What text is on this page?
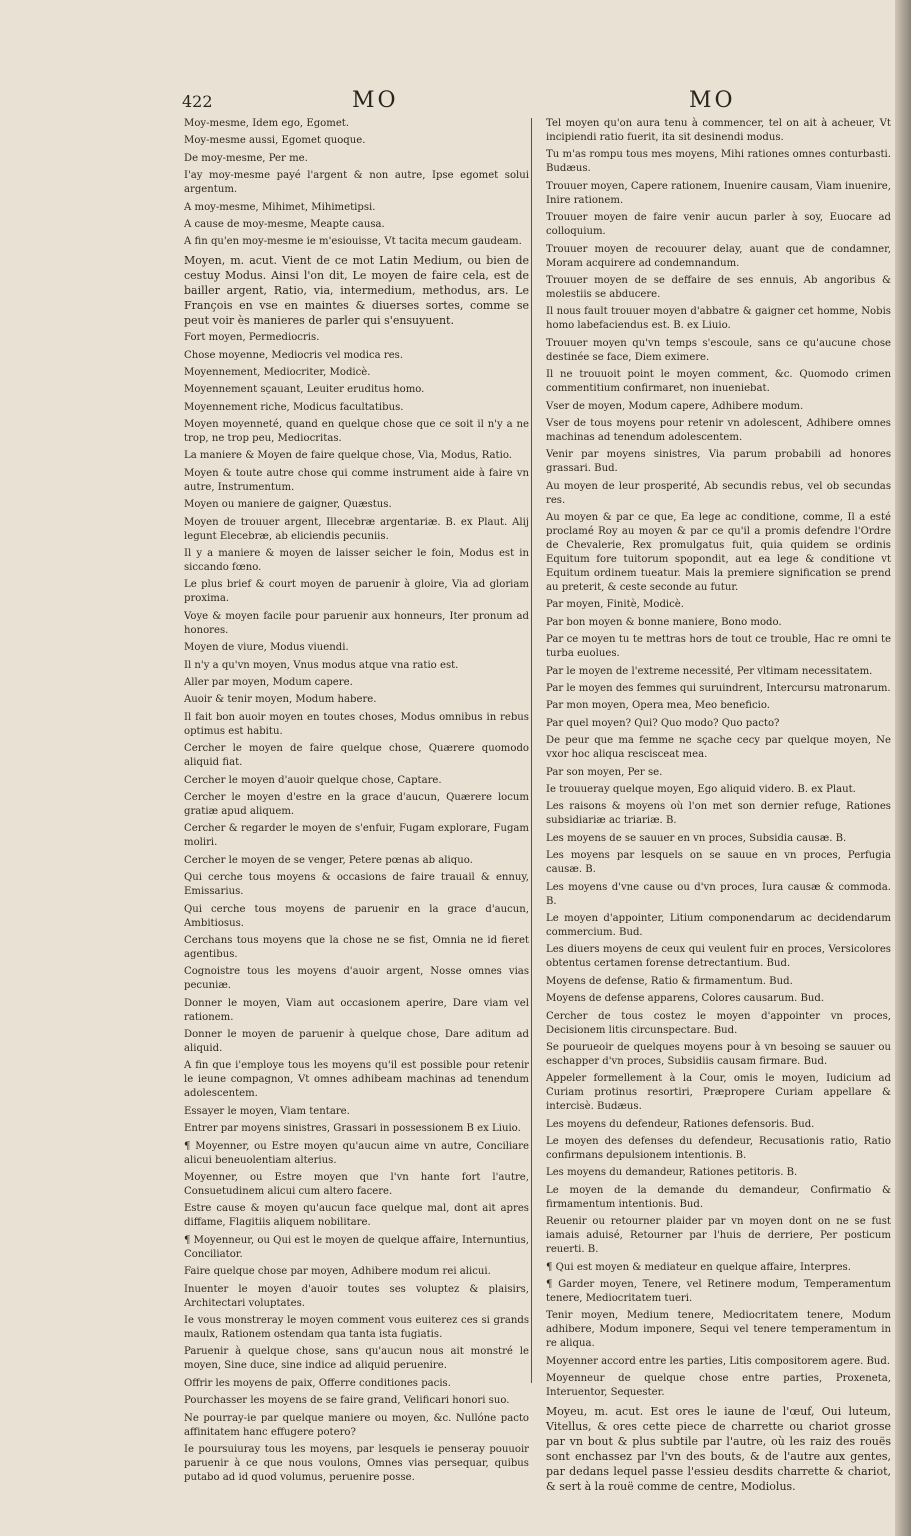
422	MO	MO

Moy-mesme, Idem ego, Egomet.

Moy-mesme aussi, Egomet quoque.

De moy-mesme, Per me.

I'ay moy-mesme payé l'argent & non autre, Ipse egomet solui argentum.

A moy-mesme, Mihimet, Mihimetipsi.

A cause de moy-mesme, Meapte causa.

A fin qu'en moy-mesme ie m'esiouisse, Vt tacita mecum gaudeam.

Moyen, m. acut. Vient de ce mot Latin Medium, ou bien de cestuy Modus. Ainsi l'on dit, Le moyen de faire cela, est de bailler argent, Ratio, via, intermedium, methodus, ars. Le François en vse en maintes & diuerses sortes, comme se peut voir ès manieres de parler qui s'ensuyuent.

Fort moyen, Permediocris.

Chose moyenne, Mediocris vel modica res.

Moyennement, Mediocriter, Modicè.

Moyennement sçauant, Leuiter eruditus homo.

Moyennement riche, Modicus facultatibus.

Moyen moyenneté, quand en quelque chose que ce soit il n'y a ne trop, ne trop peu, Mediocritas.

La maniere & Moyen de faire quelque chose, Via, Modus, Ratio.

Moyen & toute autre chose qui comme instrument aide à faire vn autre, Instrumentum.

Moyen ou maniere de gaigner, Quæstus.

Moyen de trouuer argent, Illecebræ argentariæ. B. ex Plaut. Alij legunt Elecebræ, ab eliciendis pecuniis.

Il y a maniere & moyen de laisser seicher le foin, Modus est in siccando fœno.

Le plus brief & court moyen de paruenir à gloire, Via ad gloriam proxima.

Voye & moyen facile pour paruenir aux honneurs, Iter pronum ad honores.

Moyen de viure, Modus viuendi.

Il n'y a qu'vn moyen, Vnus modus atque vna ratio est.

Aller par moyen, Modum capere.

Auoir & tenir moyen, Modum habere.

Il fait bon auoir moyen en toutes choses, Modus omnibus in rebus optimus est habitu.

Cercher le moyen de faire quelque chose, Quærere quomodo aliquid fiat.

Cercher le moyen d'auoir quelque chose, Captare.

Cercher le moyen d'estre en la grace d'aucun, Quærere locum gratiæ apud aliquem.

Cercher & regarder le moyen de s'enfuir, Fugam explorare, Fugam moliri.

Cercher le moyen de se venger, Petere pœnas ab aliquo.

Qui cerche tous moyens & occasions de faire trauail & ennuy, Emissarius.

Qui cerche tous moyens de paruenir en la grace d'aucun, Ambitiosus.

Cerchans tous moyens que la chose ne se fist, Omnia ne id fieret agentibus.

Cognoistre tous les moyens d'auoir argent, Nosse omnes vias pecuniæ.

Donner le moyen, Viam aut occasionem aperire, Dare viam vel rationem.

Donner le moyen de paruenir à quelque chose, Dare aditum ad aliquid.

A fin que i'employe tous les moyens qu'il est possible pour retenir le ieune compagnon, Vt omnes adhibeam machinas ad tenendum adolescentem.

Essayer le moyen, Viam tentare.

Entrer par moyens sinistres, Grassari in possessionem B ex Liuio.

¶ Moyenner, ou Estre moyen qu'aucun aime vn autre, Conciliare alicui beneuolentiam alterius.

Moyenner, ou Estre moyen que l'vn hante fort l'autre, Consuetudinem alicui cum altero facere.

Estre cause & moyen qu'aucun face quelque mal, dont ait apres diffame, Flagitiis aliquem nobilitare.

¶ Moyenneur, ou Qui est le moyen de quelque affaire, Internuntius, Conciliator.

Faire quelque chose par moyen, Adhibere modum rei alicui.

Inuenter le moyen d'auoir toutes ses voluptez & plaisirs, Architectari voluptates.

Ie vous monstreray le moyen comment vous euiterez ces si grands maulx, Rationem ostendam qua tanta ista fugiatis.

Paruenir à quelque chose, sans qu'aucun nous ait monstré le moyen, Sine duce, sine indice ad aliquid peruenire.

Offrir les moyens de paix, Offerre conditiones pacis.

Pourchasser les moyens de se faire grand, Velificari honori suo.

Ne pourray-ie par quelque maniere ou moyen, &c. Nullóne pacto affinitatem hanc effugere potero?

Ie poursuiuray tous les moyens, par lesquels ie penseray pouuoir paruenir à ce que nous voulons, Omnes vias persequar, quibus putabo ad id quod volumus, peruenire posse.

Tel moyen qu'on aura tenu à commencer, tel on ait à acheuer, Vt incipiendi ratio fuerit, ita sit desinendi modus.

Tu m'as rompu tous mes moyens, Mihi rationes omnes conturbasti. Budæus.

Trouuer moyen, Capere rationem, Inuenire causam, Viam inuenire, Inire rationem.

Trouuer moyen de faire venir aucun parler à soy, Euocare ad colloquium.

Trouuer moyen de recouurer delay, auant que de condamner, Moram acquirere ad condemnandum.

Trouuer moyen de se deffaire de ses ennuis, Ab angoribus & molestiis se abducere.

Il nous fault trouuer moyen d'abbatre & gaigner cet homme, Nobis homo labefaciendus est. B. ex Liuio.

Trouuer moyen qu'vn temps s'escoule, sans ce qu'aucune chose destinée se face, Diem eximere.

Il ne trouuoit point le moyen comment, &c. Quomodo crimen commentitium confirmaret, non inueniebat.

Vser de moyen, Modum capere, Adhibere modum.

Vser de tous moyens pour retenir vn adolescent, Adhibere omnes machinas ad tenendum adolescentem.

Venir par moyens sinistres, Via parum probabili ad honores grassari. Bud.

Au moyen de leur prosperité, Ab secundis rebus, vel ob secundas res.

Au moyen & par ce que, Ea lege ac conditione, comme, Il a esté proclamé Roy au moyen & par ce qu'il a promis defendre l'Ordre de Chevalerie, Rex promulgatus fuit, quia quidem se ordinis Equitum fore tuitorum spopondit, aut ea lege & conditione vt Equitum ordinem tueatur. Mais la premiere signification se prend au preterit, & ceste seconde au futur.

Par moyen, Finitè, Modicè.

Par bon moyen & bonne maniere, Bono modo.

Par ce moyen tu te mettras hors de tout ce trouble, Hac re omni te turba euolues.

Par le moyen de l'extreme necessité, Per vltimam necessitatem.

Par le moyen des femmes qui suruindrent, Intercursu matronarum.

Par mon moyen, Opera mea, Meo beneficio.

Par quel moyen? Qui? Quo modo? Quo pacto?

De peur que ma femme ne sçache cecy par quelque moyen, Ne vxor hoc aliqua rescisceat mea.

Par son moyen, Per se.

Ie trouueray quelque moyen, Ego aliquid videro. B. ex Plaut.

Les raisons & moyens où l'on met son dernier refuge, Rationes subsidiariæ ac triariæ. B.

Les moyens de se sauuer en vn proces, Subsidia causæ. B.

Les moyens par lesquels on se sauue en vn proces, Perfugia causæ. B.

Les moyens d'vne cause ou d'vn proces, Iura causæ & commoda. B.

Le moyen d'appointer, Litium componendarum ac decidendarum commercium. Bud.

Les diuers moyens de ceux qui veulent fuir en proces, Versicolores obtentus certamen forense detrectantium. Bud.

Moyens de defense, Ratio & firmamentum. Bud.

Moyens de defense apparens, Colores causarum. Bud.

Cercher de tous costez le moyen d'appointer vn proces, Decisionem litis circunspectare. Bud.

Se pourueoir de quelques moyens pour à vn besoing se sauuer ou eschapper d'vn proces, Subsidiis causam firmare. Bud.

Appeler formellement à la Cour, omis le moyen, Iudicium ad Curiam protinus resortiri, Præpropere Curiam appellare & intercisè. Budæus.

Les moyens du defendeur, Rationes defensoris. Bud.

Le moyen des defenses du defendeur, Recusationis ratio, Ratio confirmans depulsionem intentionis. B.

Les moyens du demandeur, Rationes petitoris. B.

Le moyen de la demande du demandeur, Confirmatio & firmamentum intentionis. Bud.

Reuenir ou retourner plaider par vn moyen dont on ne se fust iamais aduisé, Retourner par l'huis de derriere, Per posticum reuerti. B.

¶ Qui est moyen & mediateur en quelque affaire, Interpres.

¶ Garder moyen, Tenere, vel Retinere modum, Temperamentum tenere, Mediocritatem tueri.

Tenir moyen, Medium tenere, Mediocritatem tenere, Modum adhibere, Modum imponere, Sequi vel tenere temperamentum in re aliqua.

Moyenner accord entre les parties, Litis compositorem agere. Bud.

Moyenneur de quelque chose entre parties, Proxeneta, Interuentor, Sequester.

Moyeu, m. acut. Est ores le iaune de l'œuf, Oui luteum, Vitellus, & ores cette piece de charrette ou chariot grosse par vn bout & plus subtile par l'autre, où les raiz des rouës sont enchassez par l'vn des bouts, & de l'autre aux gentes, par dedans lequel passe l'essieu desdits charrette & chariot, & sert à la rouë comme de centre, Modiolus.
